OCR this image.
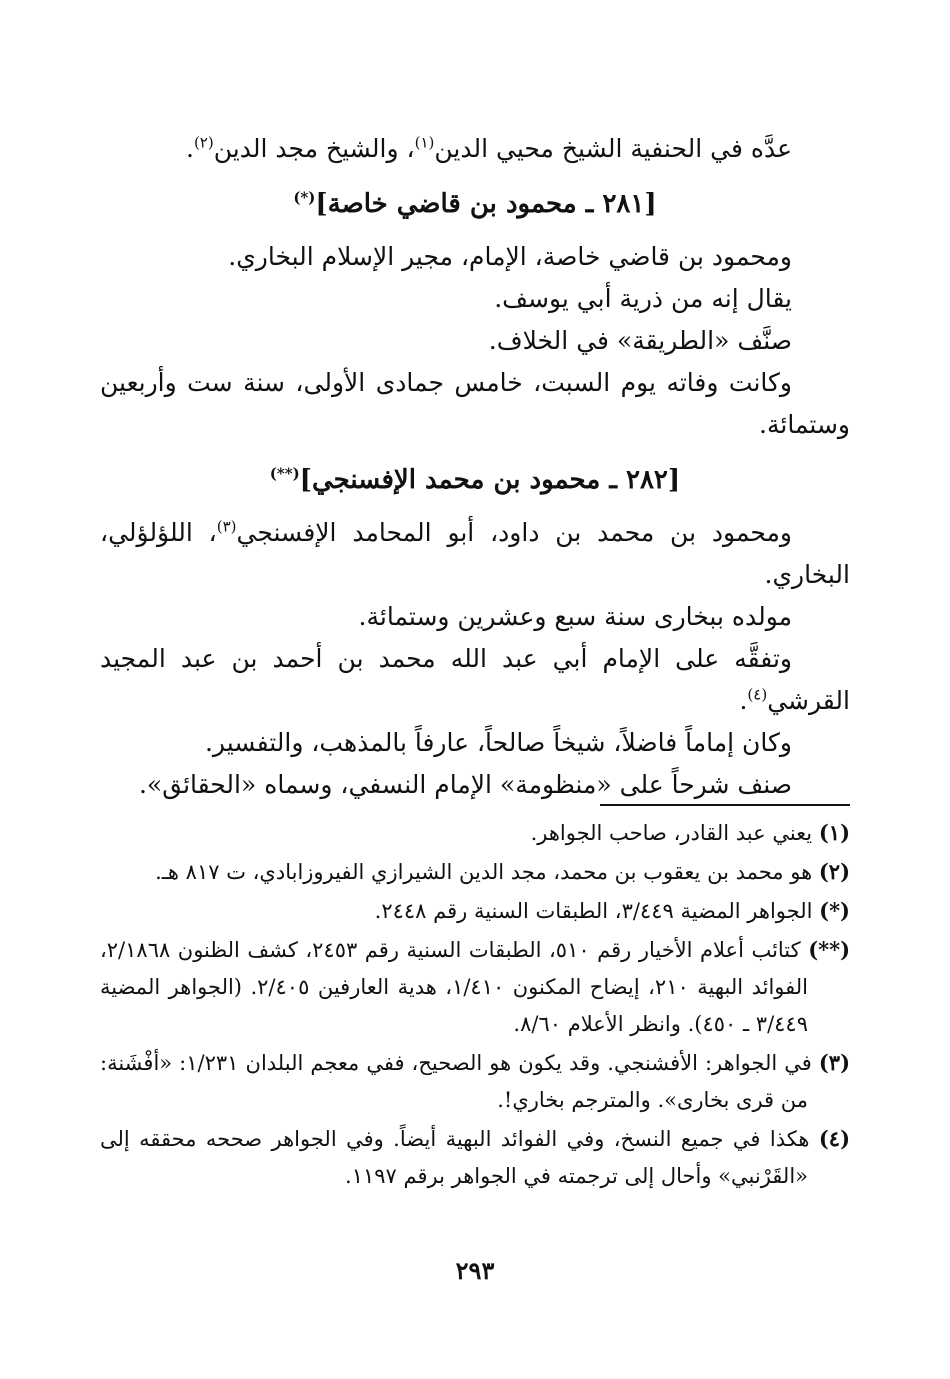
عدَّه في الحنفية الشيخ محيي الدين$^{(١)}$، والشيخ مجد الدين$^{(٢)}$.

[٢٨١ ـ محمود بن قاضي خاصة](*)

ومحمود بن قاضي خاصة، الإمام، مجير الإسلام البخاري.

يقال إنه من ذرية أبي يوسف.

صنَّف «الطريقة» في الخلاف.

وكانت وفاته يوم السبت، خامس جمادى الأولى، سنة ست وأربعين وستمائة.

[٢٨٢ ـ محمود بن محمد الإفسنجي](**)

ومحمود بن محمد بن داود، أبو المحامد الإفسنجي$^{(٣)}$، اللؤلؤلي، البخاري.

مولده ببخارى سنة سبع وعشرين وستمائة.

وتفقَّه على الإمام أبي عبد الله محمد بن أحمد بن عبد المجيد القرشي$^{(٤)}$.

وكان إماماً فاضلاً، شيخاً صالحاً، عارفاً بالمذهب، والتفسير.

صنف شرحاً على «منظومة» الإمام النسفي، وسماه «الحقائق».

(١) يعني عبد القادر، صاحب الجواهر.

(٢) هو محمد بن يعقوب بن محمد، مجد الدين الشيرازي الفيروزابادي، ت ٨١٧ هـ.

(*) الجواهر المضية ٣/٤٤٩، الطبقات السنية رقم ٢٤٤٨.

(**) كتائب أعلام الأخيار رقم ٥١٠، الطبقات السنية رقم ٢٤٥٣، كشف الظنون ٢/١٨٦٨، الفوائد البهية ٢١٠، إيضاح المكنون ١/٤١٠، هدية العارفين ٢/٤٠٥. (الجواهر المضية ٣/٤٤٩ ـ ٤٥٠). وانظر الأعلام ٨/٦٠.

(٣) في الجواهر: الأفشنجي. وقد يكون هو الصحيح، ففي معجم البلدان ١/٢٣١: «أفْشَنة: من قرى بخارى». والمترجم بخاري!.

(٤) هكذا في جميع النسخ، وفي الفوائد البهية أيضاً. وفي الجواهر صححه محققه إلى «القَرْنبي» وأحال إلى ترجمته في الجواهر برقم ١١٩٧.

٢٩٣
